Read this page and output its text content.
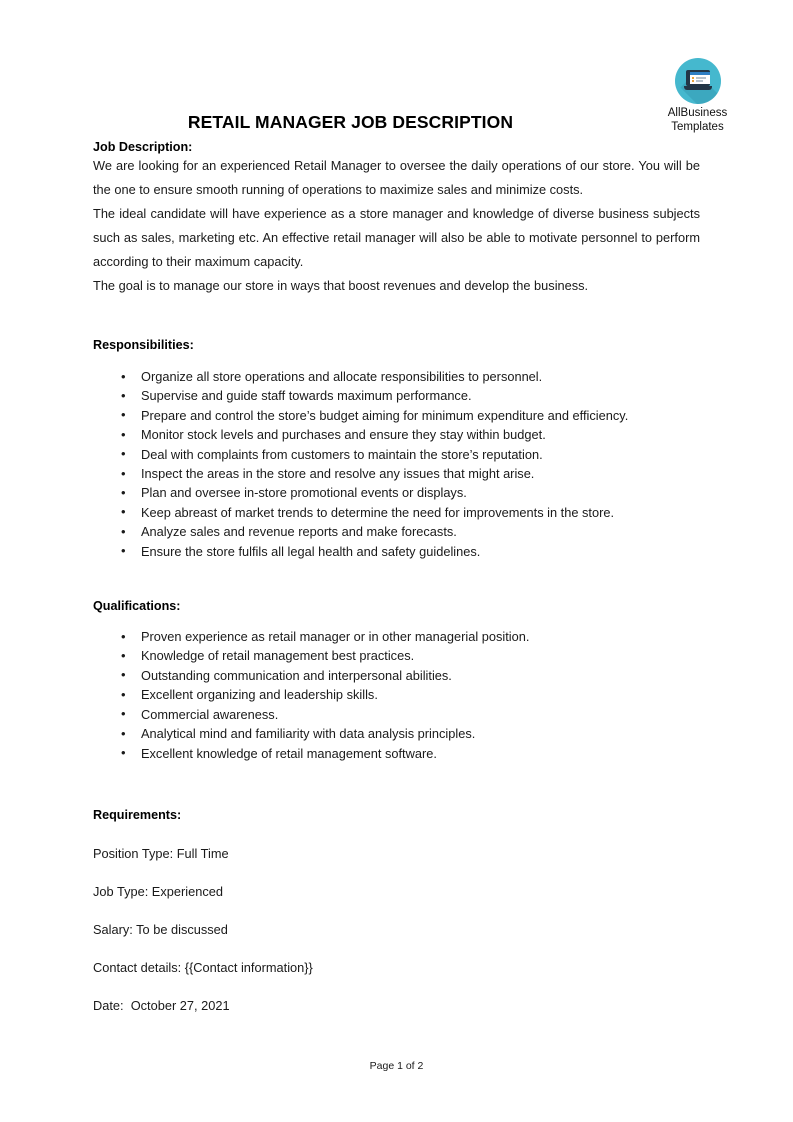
AllBusiness
Templates
RETAIL MANAGER JOB DESCRIPTION

Job Description:

We are looking for an experienced Retail Manager to oversee the daily operations of our store. You will be the one to ensure smooth running of operations to maximize sales and minimize costs.

The ideal candidate will have experience as a store manager and knowledge of diverse business subjects such as sales, marketing etc. An effective retail manager will also be able to motivate personnel to perform according to their maximum capacity.

The goal is to manage our store in ways that boost revenues and develop the business.

Responsibilities:

• Organize all store operations and allocate responsibilities to personnel.
• Supervise and guide staff towards maximum performance.
• Prepare and control the store’s budget aiming for minimum expenditure and efficiency.
• Monitor stock levels and purchases and ensure they stay within budget.
• Deal with complaints from customers to maintain the store’s reputation.
• Inspect the areas in the store and resolve any issues that might arise.
• Plan and oversee in-store promotional events or displays.
• Keep abreast of market trends to determine the need for improvements in the store.
• Analyze sales and revenue reports and make forecasts.
• Ensure the store fulfils all legal health and safety guidelines.

Qualifications:

• Proven experience as retail manager or in other managerial position.
• Knowledge of retail management best practices.
• Outstanding communication and interpersonal abilities.
• Excellent organizing and leadership skills.
• Commercial awareness.
• Analytical mind and familiarity with data analysis principles.
• Excellent knowledge of retail management software.

Requirements:

Position Type: Full Time

Job Type: Experienced

Salary: To be discussed

Contact details: {{Contact information}}

Date:  October 27, 2021

Page 1 of 2
